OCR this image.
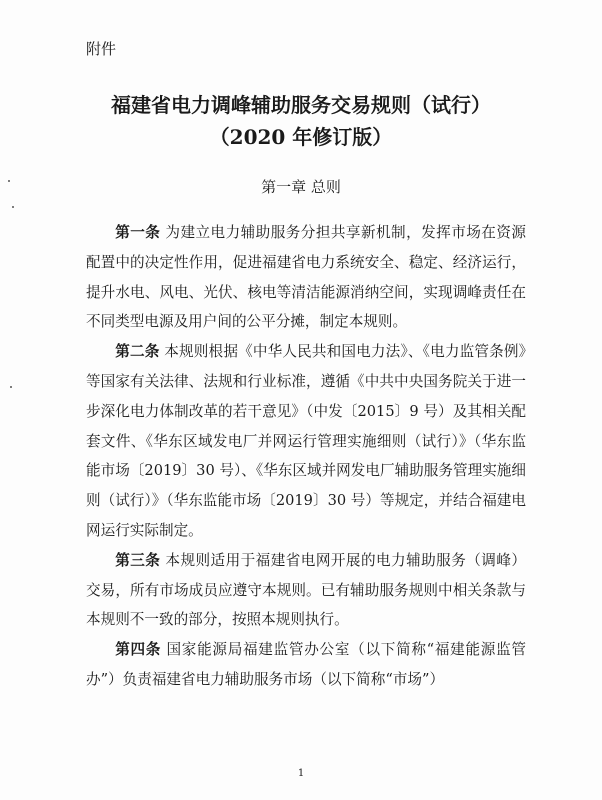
附件
福建省电力调峰辅助服务交易规则（试行）
（2020 年修订版）
第一章 总则

第一条 为建立电力辅助服务分担共享新机制，发挥市场在资源配置中的决定性作用，促进福建省电力系统安全、稳定、经济运行，提升水电、风电、光伏、核电等清洁能源消纳空间，实现调峰责任在不同类型电源及用户间的公平分摊，制定本规则。

第二条 本规则根据《中华人民共和国电力法》、《电力监管条例》等国家有关法律、法规和行业标准，遵循《中共中央国务院关于进一步深化电力体制改革的若干意见》（中发〔2015〕9 号）及其相关配套文件、《华东区域发电厂并网运行管理实施细则（试行）》（华东监能市场〔2019〕30 号）、《华东区域并网发电厂辅助服务管理实施细则（试行）》（华东监能市场〔2019〕30 号）等规定，并结合福建电网运行实际制定。

第三条 本规则适用于福建省电网开展的电力辅助服务（调峰）交易，所有市场成员应遵守本规则。已有辅助服务规则中相关条款与本规则不一致的部分，按照本规则执行。

第四条 国家能源局福建监管办公室（以下简称“福建能源监管办”）负责福建省电力辅助服务市场（以下简称“市场”）

1
